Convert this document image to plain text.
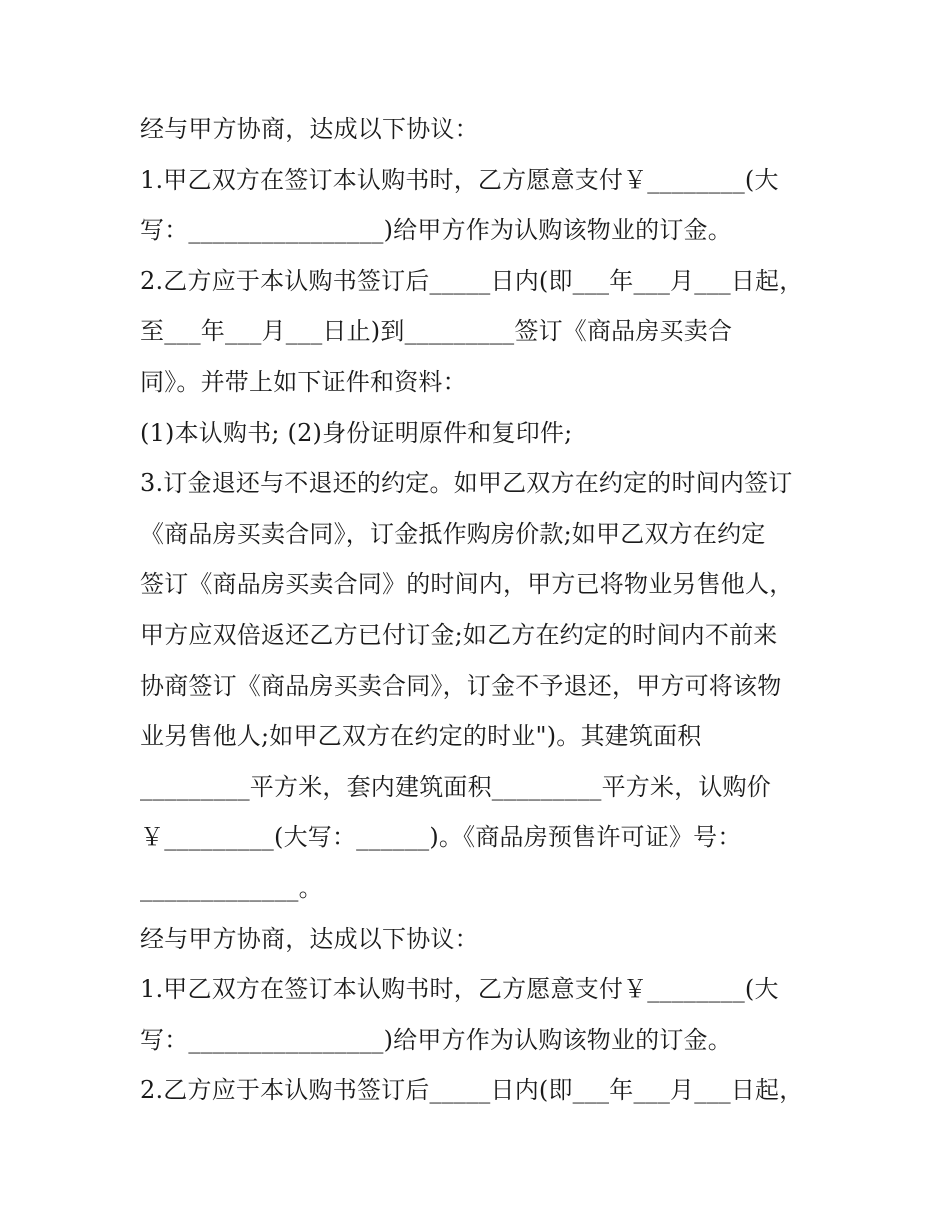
经与甲方协商，达成以下协议：
1.甲乙双方在签订本认购书时，乙方愿意支付￥________(大
写：________________)给甲方作为认购该物业的订金。
2.乙方应于本认购书签订后_____日内(即___年___月___日起，
至___年___月___日止)到_________签订《商品房买卖合
同》。并带上如下证件和资料：
(1)本认购书; (2)身份证明原件和复印件;
3.订金退还与不退还的约定。如甲乙双方在约定的时间内签订
《商品房买卖合同》，订金抵作购房价款;如甲乙双方在约定
签订《商品房买卖合同》的时间内，甲方已将物业另售他人，
甲方应双倍返还乙方已付订金;如乙方在约定的时间内不前来
协商签订《商品房买卖合同》，订金不予退还，甲方可将该物
业另售他人;如甲乙双方在约定的时业")。其建筑面积
_________平方米，套内建筑面积_________平方米，认购价
￥_________(大写：______)。《商品房预售许可证》号：
_____________。
经与甲方协商，达成以下协议：
1.甲乙双方在签订本认购书时，乙方愿意支付￥________(大
写：________________)给甲方作为认购该物业的订金。
2.乙方应于本认购书签订后_____日内(即___年___月___日起，
